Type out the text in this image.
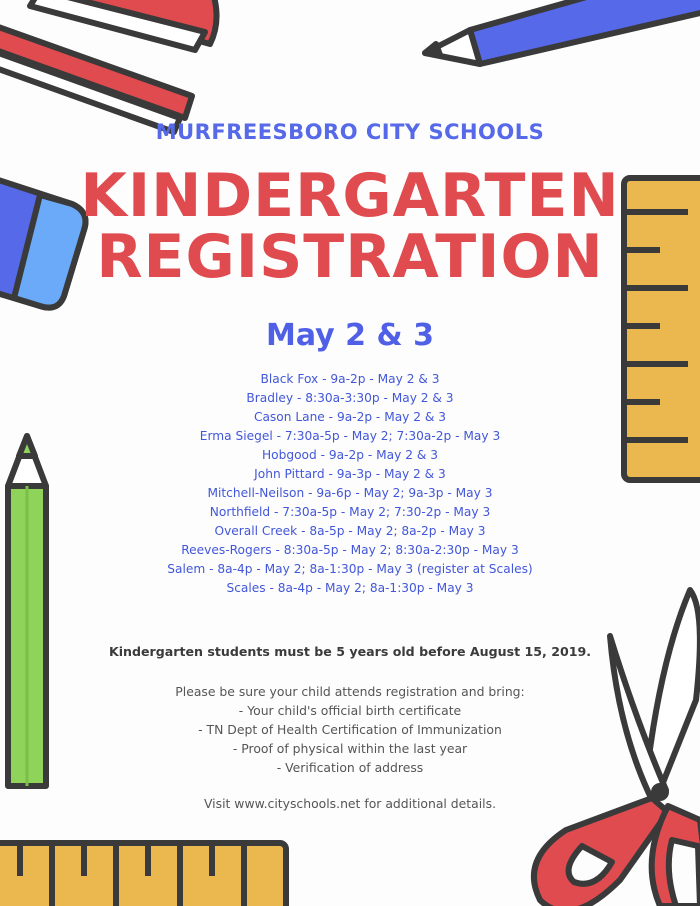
MURFREESBORO CITY SCHOOLS
KINDERGARTEN
REGISTRATION
May 2 & 3
Black Fox - 9a-2p - May 2 & 3
Bradley - 8:30a-3:30p - May 2 & 3
Cason Lane - 9a-2p - May 2 & 3
Erma Siegel - 7:30a-5p - May 2; 7:30a-2p - May 3
Hobgood - 9a-2p - May 2 & 3
John Pittard - 9a-3p - May 2 & 3
Mitchell-Neilson - 9a-6p - May 2; 9a-3p - May 3
Northfield - 7:30a-5p - May 2; 7:30-2p - May 3
Overall Creek - 8a-5p - May 2; 8a-2p - May 3
Reeves-Rogers - 8:30a-5p - May 2; 8:30a-2:30p - May 3
Salem - 8a-4p - May 2; 8a-1:30p - May 3 (register at Scales)
Scales - 8a-4p - May 2; 8a-1:30p - May 3
Kindergarten students must be 5 years old before August 15, 2019.
Please be sure your child attends registration and bring:
- Your child's official birth certificate
- TN Dept of Health Certification of Immunization
- Proof of physical within the last year
- Verification of address
Visit www.cityschools.net for additional details.
